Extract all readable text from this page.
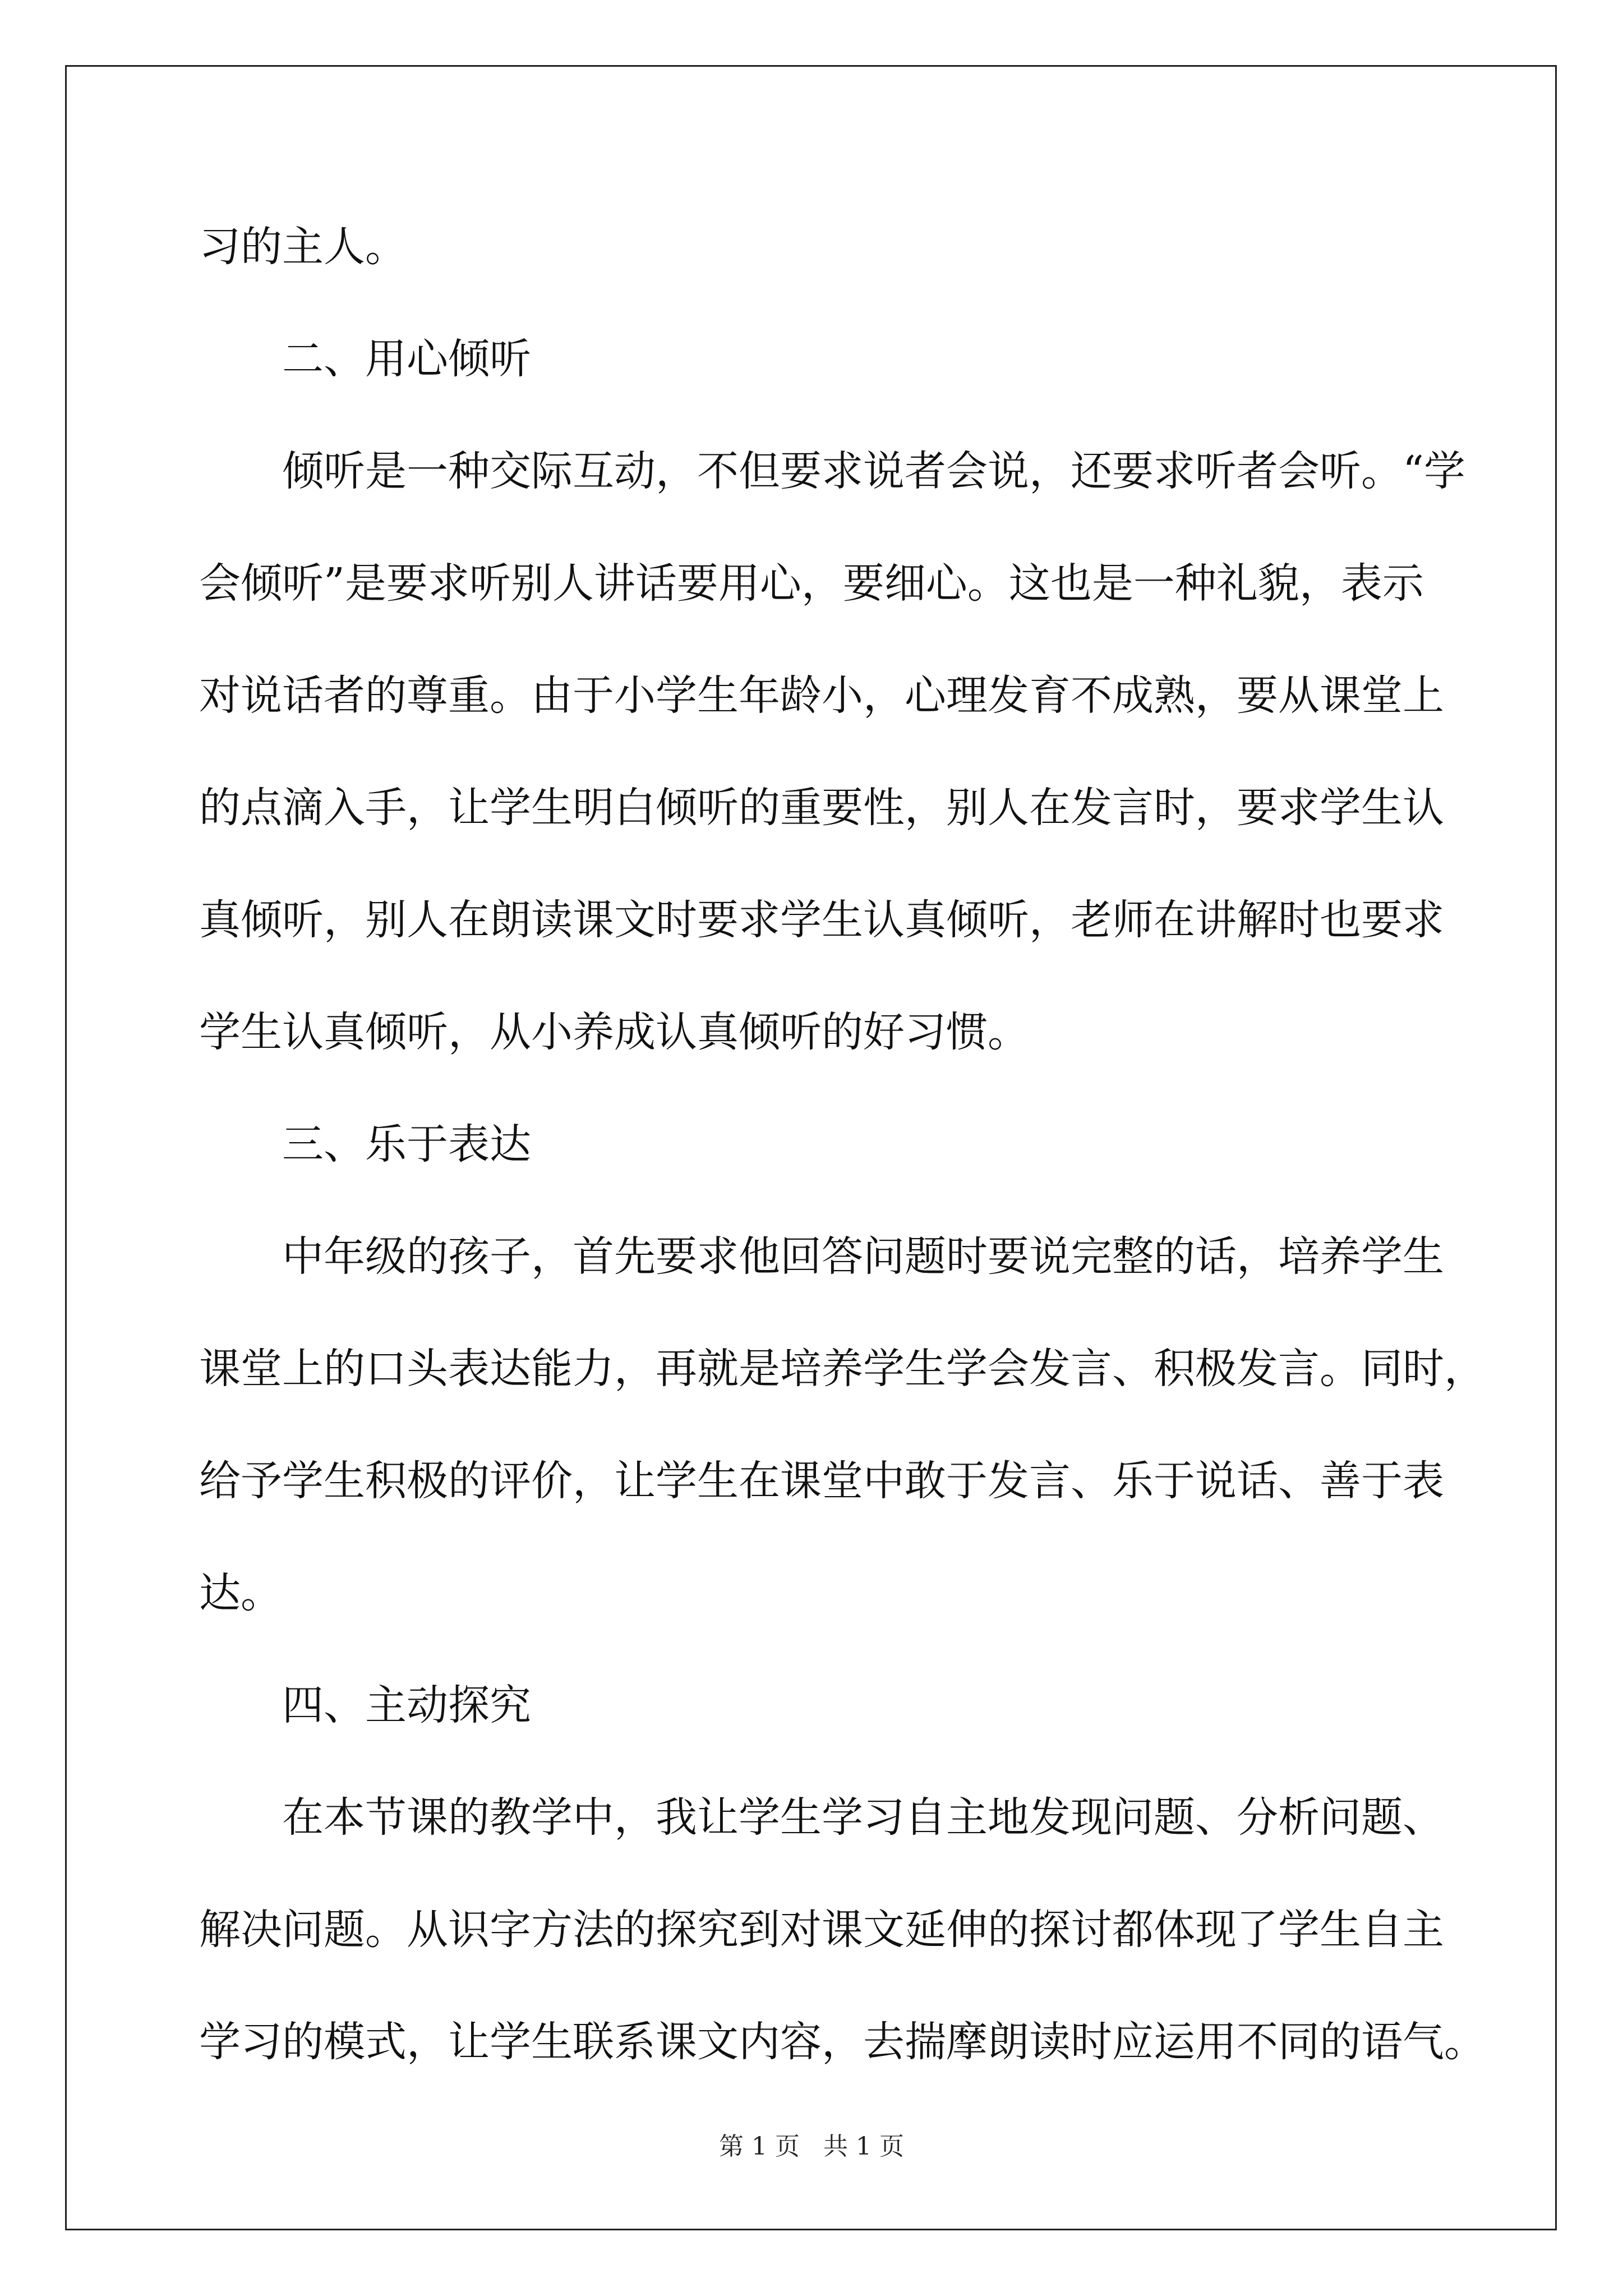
习的主人。
二、用心倾听
倾听是一种交际互动，不但要求说者会说，还要求听者会听。“学
会倾听”是要求听别人讲话要用心，要细心。这也是一种礼貌，表示
对说话者的尊重。由于小学生年龄小，心理发育不成熟，要从课堂上
的点滴入手，让学生明白倾听的重要性，别人在发言时，要求学生认
真倾听，别人在朗读课文时要求学生认真倾听，老师在讲解时也要求
学生认真倾听，从小养成认真倾听的好习惯。
三、乐于表达
中年级的孩子，首先要求他回答问题时要说完整的话，培养学生
课堂上的口头表达能力，再就是培养学生学会发言、积极发言。同时，
给予学生积极的评价，让学生在课堂中敢于发言、乐于说话、善于表
达。
四、主动探究
在本节课的教学中，我让学生学习自主地发现问题、分析问题、
解决问题。从识字方法的探究到对课文延伸的探讨都体现了学生自主
学习的模式，让学生联系课文内容，去揣摩朗读时应运用不同的语气。
第 1 页   共 1 页
